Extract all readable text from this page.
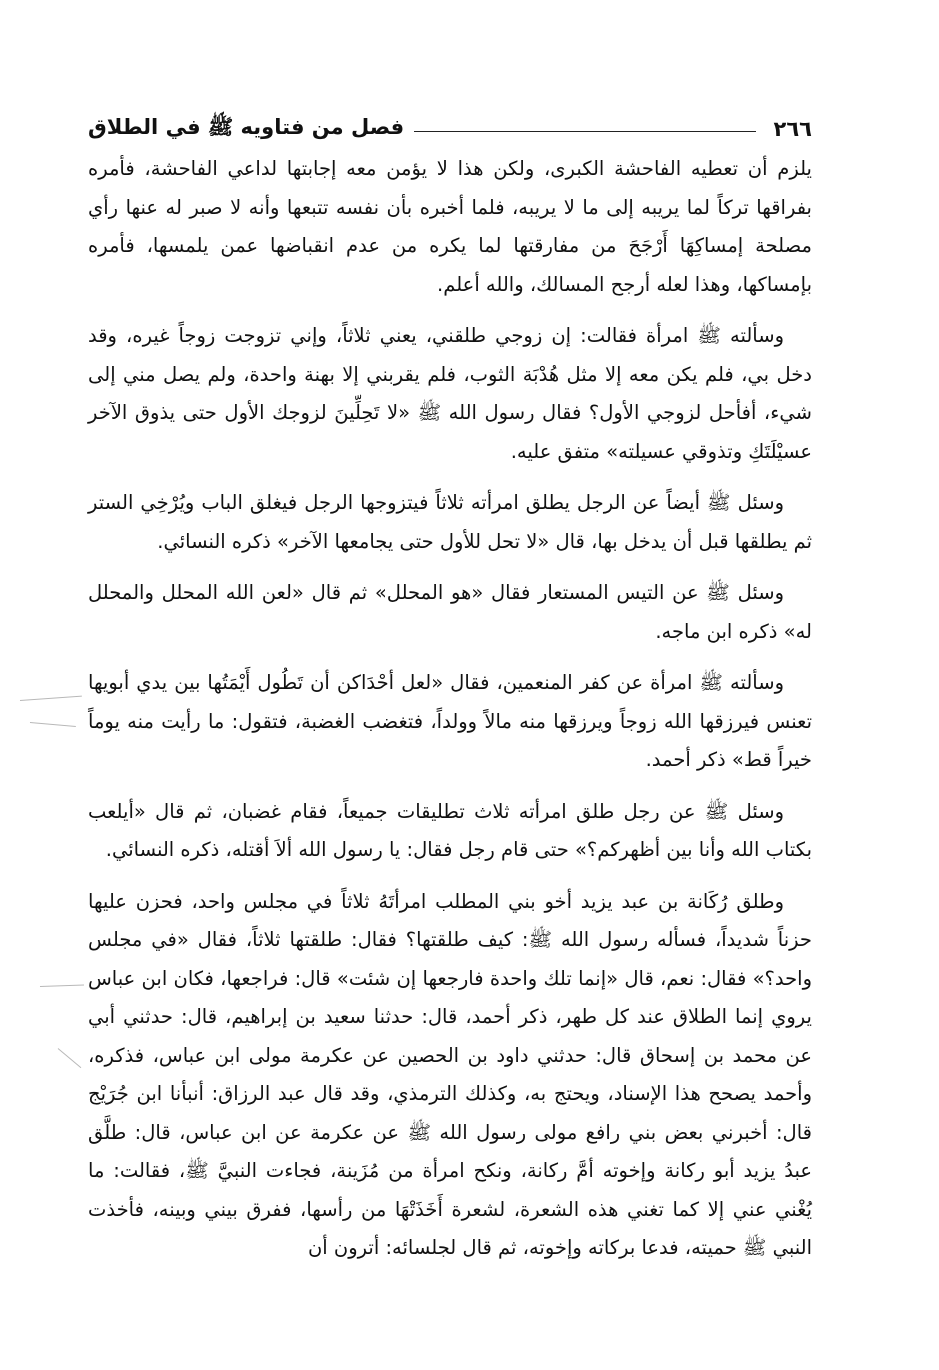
٢٦٦
فصل من فتاويه ﷺ في الطلاق

يلزم أن تعطيه الفاحشة الكبرى، ولكن هذا لا يؤمن معه إجابتها لداعي الفاحشة، فأمره بفراقها تركاً لما يريبه إلى ما لا يريبه، فلما أخبره بأن نفسه تتبعها وأنه لا صبر له عنها رأي مصلحة إمساكِهَا أَرْجَحَ من مفارقتها لما يكره من عدم انقباضها عمن يلمسها، فأمره بإمساكها، وهذا لعله أرجح المسالك، والله أعلم.

وسألته ﷺ امرأة فقالت: إن زوجي طلقني، يعني ثلاثاً، وإني تزوجت زوجاً غيره، وقد دخل بي، فلم يكن معه إلا مثل هُدْبَة الثوب، فلم يقربني إلا بهنة واحدة، ولم يصل مني إلى شيء، أفأحل لزوجي الأول؟ فقال رسول الله ﷺ «لا تَحِلِّينَ لزوجك الأول حتى يذوق الآخر عسيْلَتَكِ وتذوقي عسيلته» متفق عليه.

وسئل ﷺ أيضاً عن الرجل يطلق امرأته ثلاثاً فيتزوجها الرجل فيغلق الباب ويُرْخِي الستر ثم يطلقها قبل أن يدخل بها، قال «لا تحل للأول حتى يجامعها الآخر» ذكره النسائي.

وسئل ﷺ عن التيس المستعار فقال «هو المحلل» ثم قال «لعن الله المحلل والمحلل له» ذكره ابن ماجه.

وسألته ﷺ امرأة عن كفر المنعمين، فقال «لعل أحْدَاكن أن تَطُول أَيْمَتُها بين يدي أبويها تعنس فيرزقها الله زوجاً ويرزقها منه مالاً وولداً، فتغضب الغضبة، فتقول: ما رأيت منه يوماً خيراً قط» ذكر أحمد.

وسئل ﷺ عن رجل طلق امرأته ثلاث تطليقات جميعاً، فقام غضبان، ثم قال «أيلعب بكتاب الله وأنا بين أظهركم؟» حتى قام رجل فقال: يا رسول الله ألاَ أقتله، ذكره النسائي.

وطلق رُكَانة بن عبد يزيد أخو بني المطلب امرأتَهُ ثلاثاً في مجلس واحد، فحزن عليها حزناً شديداً، فسأله رسول الله ﷺ: كيف طلقتها؟ فقال: طلقتها ثلاثاً، فقال «في مجلس واحد؟» فقال: نعم، قال «إنما تلك واحدة فارجعها إن شئت» قال: فراجعها، فكان ابن عباس يروي إنما الطلاق عند كل طهر، ذكر أحمد، قال: حدثنا سعيد بن إبراهيم، قال: حدثني أبي عن محمد بن إسحاق قال: حدثني داود بن الحصين عن عكرمة مولى ابن عباس، فذكره، وأحمد يصحح هذا الإسناد، ويحتج به، وكذلك الترمذي، وقد قال عبد الرزاق: أنبأنا ابن جُرَيْج قال: أخبرني بعض بني رافع مولى رسول الله ﷺ عن عكرمة عن ابن عباس، قال: طلَّق عبدُ يزيد أبو ركانة وإخوته أمَّ ركانة، ونكح امرأة من مُزَينة، فجاءت النبيَّ ﷺ، فقالت: ما يُغْني عني إلا كما تغني هذه الشعرة، لشعرة أَخَذَتْهَا من رأسها، ففرق بيني وبينه، فأخذت النبي ﷺ حميته، فدعا بركاته وإخوته، ثم قال لجلسائه: أترون أن
